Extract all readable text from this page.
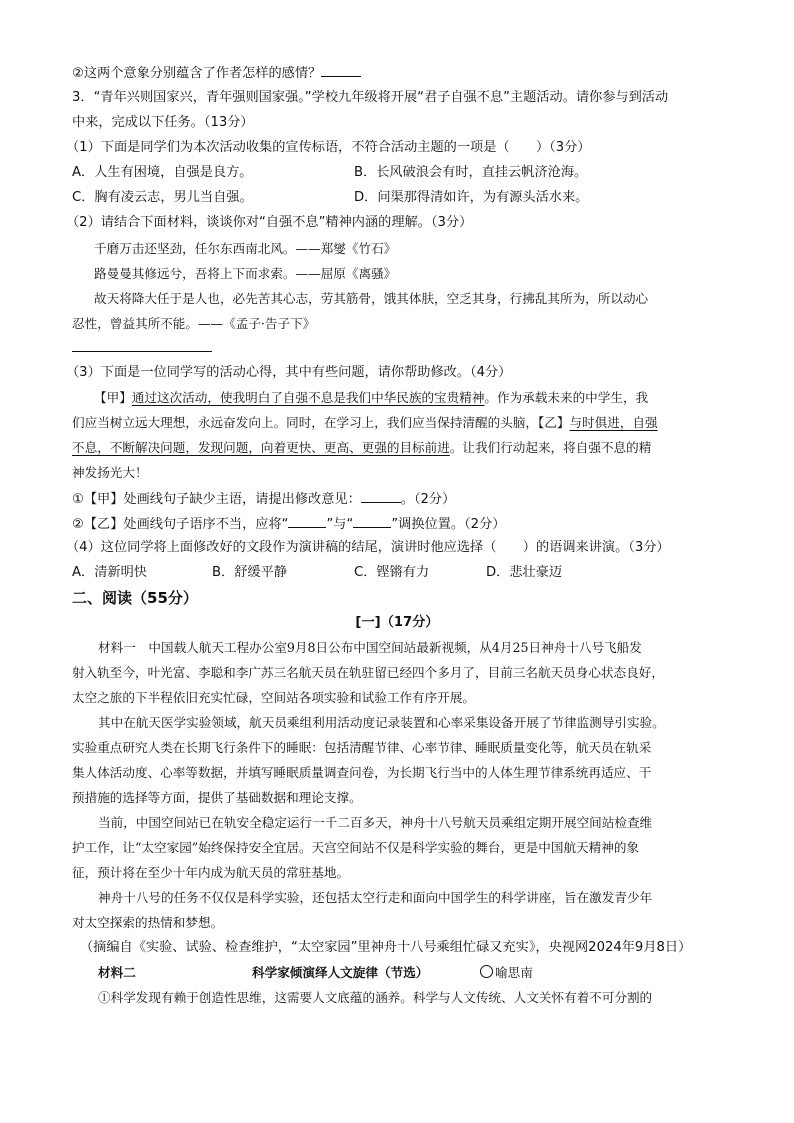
②这两个意象分别蕴含了作者怎样的感情？
3．“青年兴则国家兴，青年强则国家强。”学校九年级将开展“君子自强不息”主题活动。请你参与到活动
中来，完成以下任务。（13分）
（1）下面是同学们为本次活动收集的宣传标语，不符合活动主题的一项是（　　）（3分）
A．人生有困境，自强是良方。	B．长风破浪会有时，直挂云帆济沧海。
C．胸有凌云志，男儿当自强。	D．问渠那得清如许，为有源头活水来。
（2）请结合下面材料，谈谈你对“自强不息”精神内涵的理解。（3分）
千磨万击还坚劲，任尔东西南北风。——郑燮《竹石》
路曼曼其修远兮，吾将上下而求索。——屈原《离骚》
故天将降大任于是人也，必先苦其心志，劳其筋骨，饿其体肤，空乏其身，行拂乱其所为，所以动心
忍性，曾益其所不能。——《孟子·告子下》
（3）下面是一位同学写的活动心得，其中有些问题，请你帮助修改。（4分）
【甲】通过这次活动，使我明白了自强不息是我们中华民族的宝贵精神。作为承载未来的中学生，我
们应当树立远大理想，永远奋发向上。同时，在学习上，我们应当保持清醒的头脑，【乙】与时俱进，自强
不息，不断解决问题，发现问题，向着更快、更高、更强的目标前进。让我们行动起来，将自强不息的精
神发扬光大！
①【甲】处画线句子缺少主语，请提出修改意见：	。（2分）
②【乙】处画线句子语序不当，应将“	”与“	”调换位置。（2分）
（4）这位同学将上面修改好的文段作为演讲稿的结尾，演讲时他应选择（　　）的语调来讲演。（3分）
A．清新明快	B．舒缓平静	C．铿锵有力	D．悲壮豪迈
二、阅读（55分）
[一]（17分）
材料一　中国载人航天工程办公室9月8日公布中国空间站最新视频，从4月25日神舟十八号飞船发
射入轨至今，叶光富、李聪和李广苏三名航天员在轨驻留已经四个多月了，目前三名航天员身心状态良好，
太空之旅的下半程依旧充实忙碌，空间站各项实验和试验工作有序开展。
其中在航天医学实验领域，航天员乘组利用活动度记录装置和心率采集设备开展了节律监测导引实验。
实验重点研究人类在长期飞行条件下的睡眠：包括清醒节律、心率节律、睡眠质量变化等，航天员在轨采
集人体活动度、心率等数据，并填写睡眠质量调查问卷，为长期飞行当中的人体生理节律系统再适应、干
预措施的选择等方面，提供了基础数据和理论支撑。
当前，中国空间站已在轨安全稳定运行一千二百多天，神舟十八号航天员乘组定期开展空间站检查维
护工作，让“太空家园”始终保持安全宜居。天宫空间站不仅是科学实验的舞台，更是中国航天精神的象
征，预计将在至少十年内成为航天员的常驻基地。
神舟十八号的任务不仅仅是科学实验，还包括太空行走和面向中国学生的科学讲座，旨在激发青少年
对太空探索的热情和梦想。
（摘编自《实验、试验、检查维护，“太空家园”里神舟十八号乘组忙碌又充实》，央视网2024年9月8日）
材料二	科学家倾演绎人文旋律（节选）	喻思南
①科学发现有赖于创造性思维，这需要人文底蕴的涵养。科学与人文传统、人文关怀有着不可分割的
